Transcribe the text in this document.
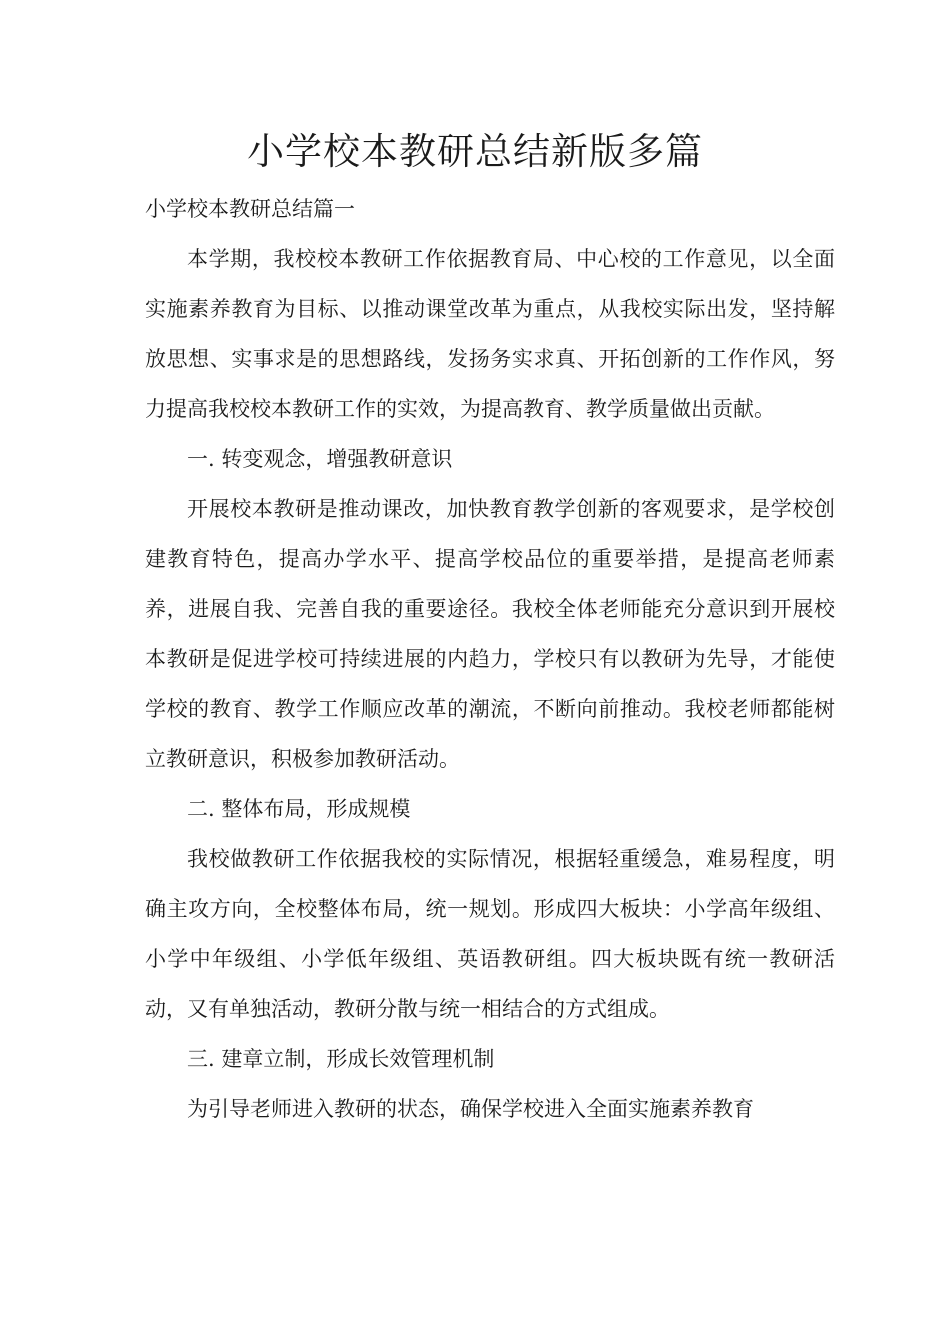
小学校本教研总结新版多篇

小学校本教研总结篇一

本学期，我校校本教研工作依据教育局、中心校的工作意见，以全面实施素养教育为目标、以推动课堂改革为重点，从我校实际出发，坚持解放思想、实事求是的思想路线，发扬务实求真、开拓创新的工作作风，努力提高我校校本教研工作的实效，为提高教育、教学质量做出贡献。

一. 转变观念，增强教研意识

开展校本教研是推动课改，加快教育教学创新的客观要求，是学校创建教育特色，提高办学水平、提高学校品位的重要举措，是提高老师素养，进展自我、完善自我的重要途径。我校全体老师能充分意识到开展校本教研是促进学校可持续进展的内趋力，学校只有以教研为先导，才能使学校的教育、教学工作顺应改革的潮流，不断向前推动。我校老师都能树立教研意识，积极参加教研活动。

二. 整体布局，形成规模

我校做教研工作依据我校的实际情况，根据轻重缓急，难易程度，明确主攻方向，全校整体布局，统一规划。形成四大板块：小学高年级组、小学中年级组、小学低年级组、英语教研组。四大板块既有统一教研活动，又有单独活动，教研分散与统一相结合的方式组成。

三. 建章立制，形成长效管理机制

为引导老师进入教研的状态，确保学校进入全面实施素养教育
